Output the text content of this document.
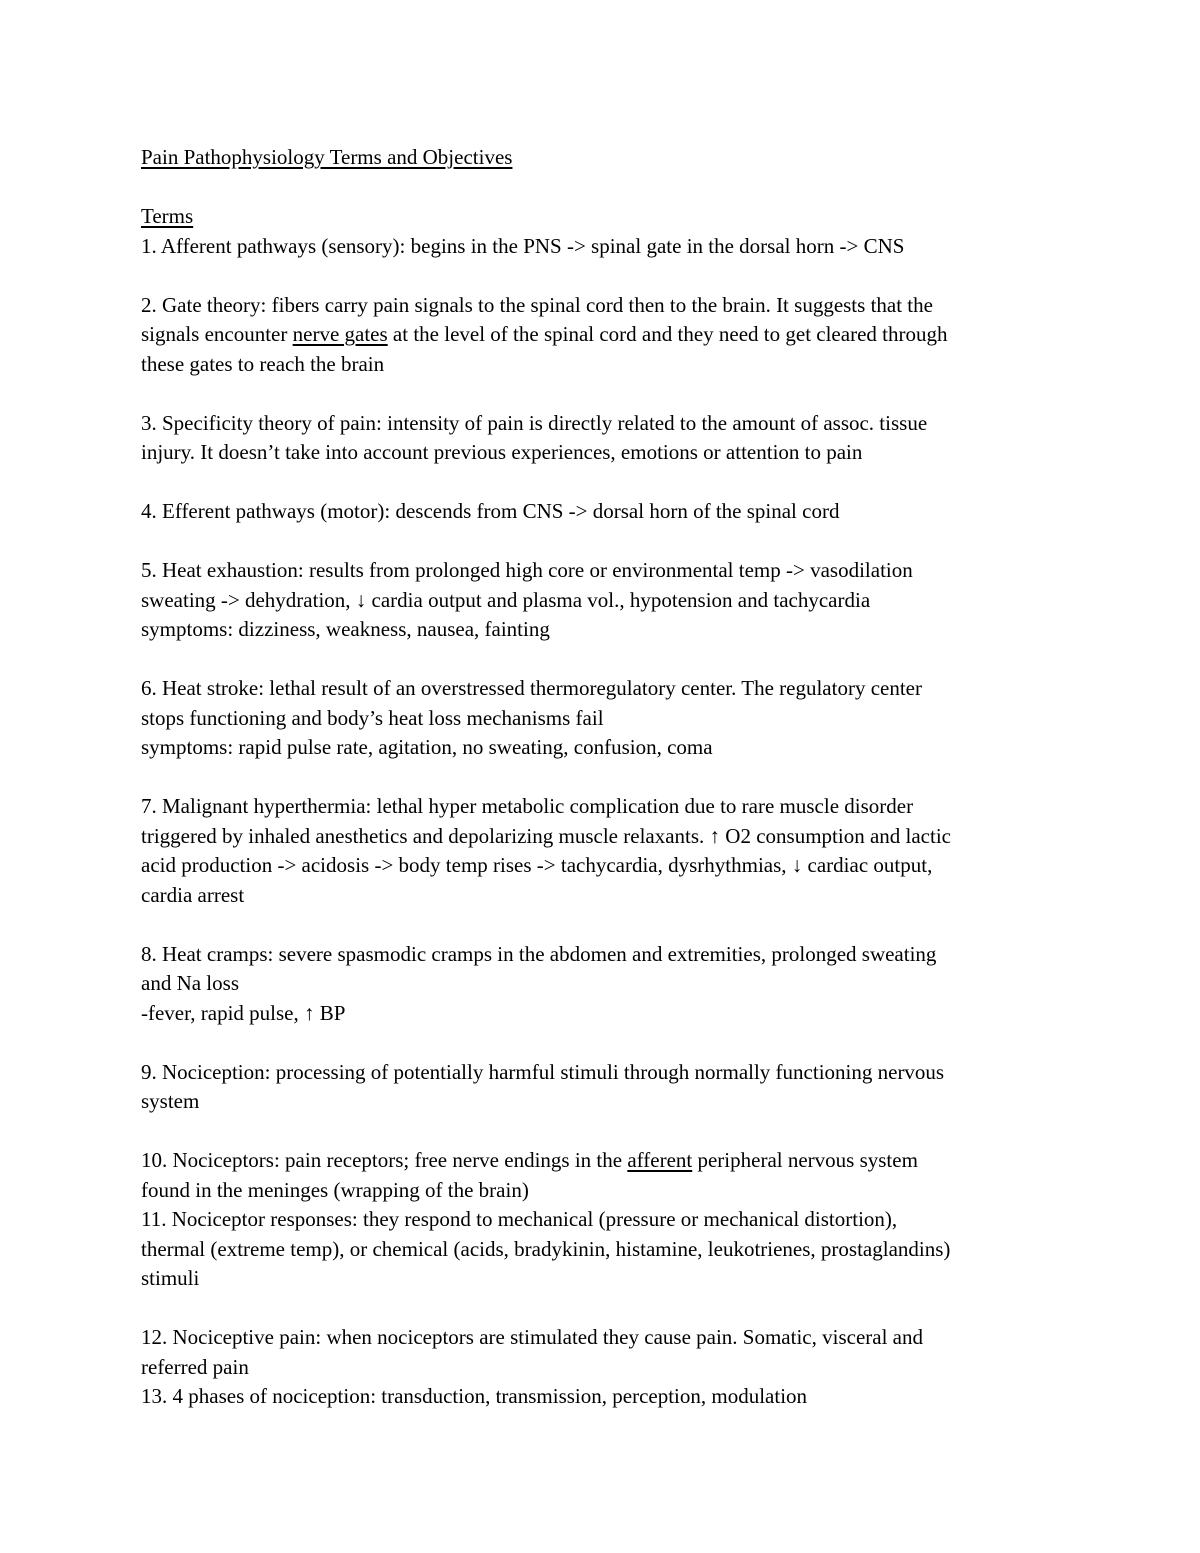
Pain Pathophysiology Terms and Objectives
Terms
1. Afferent pathways (sensory): begins in the PNS -> spinal gate in the dorsal horn -> CNS
2. Gate theory: fibers carry pain signals to the spinal cord then to the brain. It suggests that the
signals encounter nerve gates at the level of the spinal cord and they need to get cleared through
these gates to reach the brain
3. Specificity theory of pain: intensity of pain is directly related to the amount of assoc. tissue
injury. It doesn’t take into account previous experiences, emotions or attention to pain
4. Efferent pathways (motor): descends from CNS -> dorsal horn of the spinal cord
5. Heat exhaustion: results from prolonged high core or environmental temp -> vasodilation
sweating -> dehydration, ↓ cardia output and plasma vol., hypotension and tachycardia
symptoms: dizziness, weakness, nausea, fainting
6. Heat stroke: lethal result of an overstressed thermoregulatory center. The regulatory center
stops functioning and body’s heat loss mechanisms fail
symptoms: rapid pulse rate, agitation, no sweating, confusion, coma
7. Malignant hyperthermia: lethal hyper metabolic complication due to rare muscle disorder
triggered by inhaled anesthetics and depolarizing muscle relaxants. ↑ O2 consumption and lactic
acid production -> acidosis -> body temp rises -> tachycardia, dysrhythmias, ↓ cardiac output,
cardia arrest
8. Heat cramps: severe spasmodic cramps in the abdomen and extremities, prolonged sweating
and Na loss
-fever, rapid pulse, ↑ BP
9. Nociception: processing of potentially harmful stimuli through normally functioning nervous
system
10. Nociceptors: pain receptors; free nerve endings in the afferent peripheral nervous system
found in the meninges (wrapping of the brain)
11. Nociceptor responses: they respond to mechanical (pressure or mechanical distortion),
thermal (extreme temp), or chemical (acids, bradykinin, histamine, leukotrienes, prostaglandins)
stimuli
12. Nociceptive pain: when nociceptors are stimulated they cause pain. Somatic, visceral and
referred pain
13. 4 phases of nociception: transduction, transmission, perception, modulation
